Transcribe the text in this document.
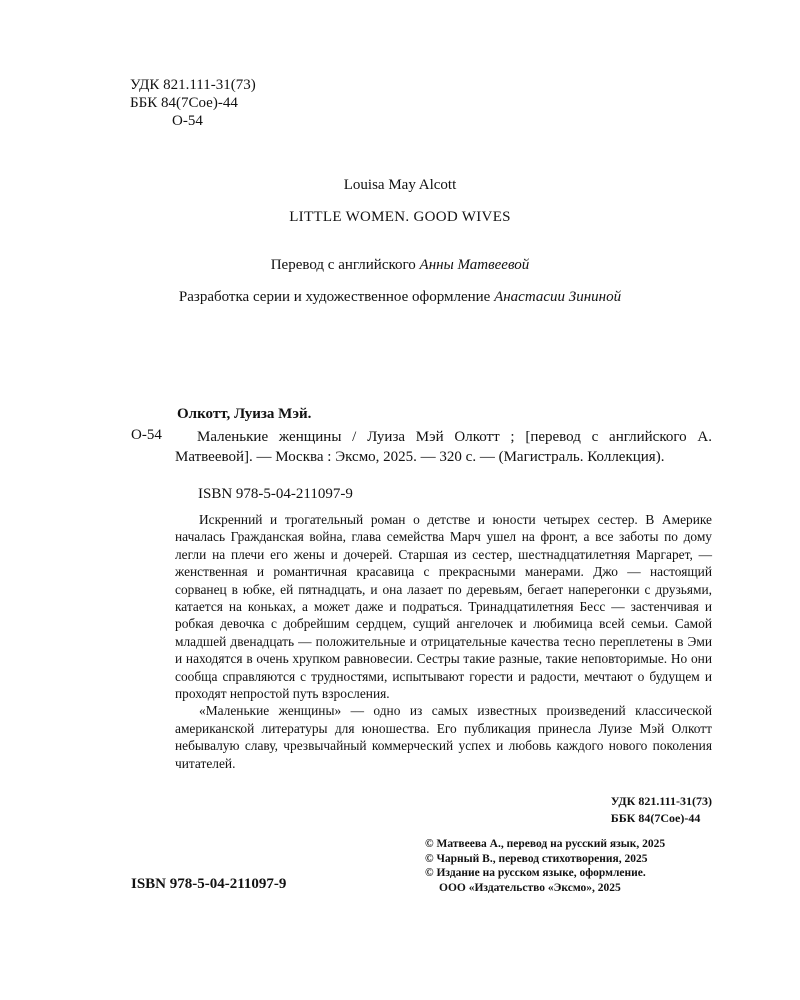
УДК 821.111-31(73)
ББК 84(7Сое)-44
О-54
Louisa May Alcott
LITTLE WOMEN. GOOD WIVES
Перевод с английского Анны Матвеевой
Разработка серии и художественное оформление Анастасии Зининой
Олкотт, Луиза Мэй.
О-54	Маленькие женщины / Луиза Мэй Олкотт ; [перевод с английского А. Матвеевой]. — Москва : Эксмо, 2025. — 320 с. — (Магистраль. Коллекция).
ISBN 978-5-04-211097-9

Искренний и трогательный роман о детстве и юности четырех сестер. В Америке началась Гражданская война, глава семейства Марч ушел на фронт, а все заботы по дому легли на плечи его жены и дочерей. Старшая из сестер, шестнадцатилетняя Маргарет, — женственная и романтичная красавица с прекрасными манерами. Джо — настоящий сорванец в юбке, ей пятнадцать, и она лазает по деревьям, бегает наперегонки с друзьями, катается на коньках, а может даже и подраться. Тринадцатилетняя Бесс — застенчивая и робкая девочка с добрейшим сердцем, сущий ангелочек и любимица всей семьи. Самой младшей двенадцать — положительные и отрицательные качества тесно переплетены в Эми и находятся в очень хрупком равновесии. Сестры такие разные, такие неповторимые. Но они сообща справляются с трудностями, испытывают горести и радости, мечтают о будущем и проходят непростой путь взросления.

«Маленькие женщины» — одно из самых известных произведений классической американской литературы для юношества. Его публикация принесла Луизе Мэй Олкотт небывалую славу, чрезвычайный коммерческий успех и любовь каждого нового поколения читателей.

УДК 821.111-31(73)
ББК 84(7Сое)-44
© Матвеева А., перевод на русский язык, 2025
© Чарный В., перевод стихотворения, 2025
© Издание на русском языке, оформление.
ООО «Издательство «Эксмо», 2025
ISBN 978-5-04-211097-9
